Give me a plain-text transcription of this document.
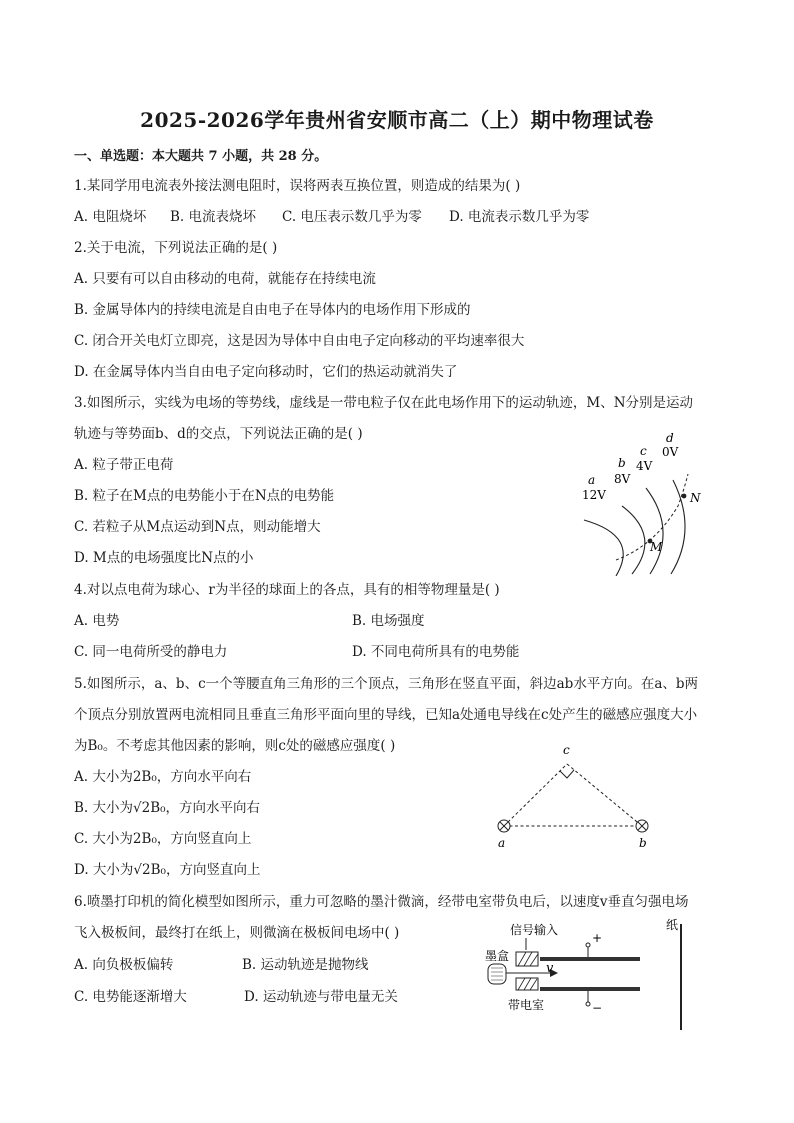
2025-2026学年贵州省安顺市高二（上）期中物理试卷
一、单选题：本大题共 7 小题，共 28 分。
1.某同学用电流表外接法测电阻时，误将两表互换位置，则造成的结果为( )
A. 电阻烧坏 B. 电流表烧坏 C. 电压表示数几乎为零 D. 电流表示数几乎为零
2.关于电流，下列说法正确的是( )
A. 只要有可以自由移动的电荷，就能存在持续电流
B. 金属导体内的持续电流是自由电子在导体内的电场作用下形成的
C. 闭合开关电灯立即亮，这是因为导体中自由电子定向移动的平均速率很大
D. 在金属导体内当自由电子定向移动时，它们的热运动就消失了
3.如图所示，实线为电场的等势线，虚线是一带电粒子仅在此电场作用下的运动轨迹，M、N分别是运动
轨迹与等势面b、d的交点，下列说法正确的是( )
A. 粒子带正电荷
B. 粒子在M点的电势能小于在N点的电势能
C. 若粒子从M点运动到N点，则动能增大
D. M点的电场强度比N点的小
d
0V
c
4V
b
8V
a
12V
M
N
4.对以点电荷为球心、r为半径的球面上的各点，具有的相等物理量是( )
A. 电势	B. 电场强度
C. 同一电荷所受的静电力	D. 不同电荷所具有的电势能
5.如图所示，a、b、c一个等腰直角三角形的三个顶点，三角形在竖直平面，斜边ab水平方向。在a、b两
个顶点分别放置两电流相同且垂直三角形平面向里的导线，已知a处通电导线在c处产生的磁感应强度大小
为B₀。不考虑其他因素的影响，则c处的磁感应强度( )
A. 大小为2B₀，方向水平向右
B. 大小为√2B₀，方向水平向右
C. 大小为2B₀，方向竖直向上
D. 大小为√2B₀，方向竖直向上
c
a	b
6.喷墨打印机的简化模型如图所示，重力可忽略的墨汁微滴，经带电室带负电后，以速度v垂直匀强电场
飞入极板间，最终打在纸上，则微滴在极板间电场中( )
A. 向负极板偏转	B. 运动轨迹是抛物线
C. 电势能逐渐增大	D. 运动轨迹与带电量无关
纸
信号输入
墨盒
v
+
−
带电室
